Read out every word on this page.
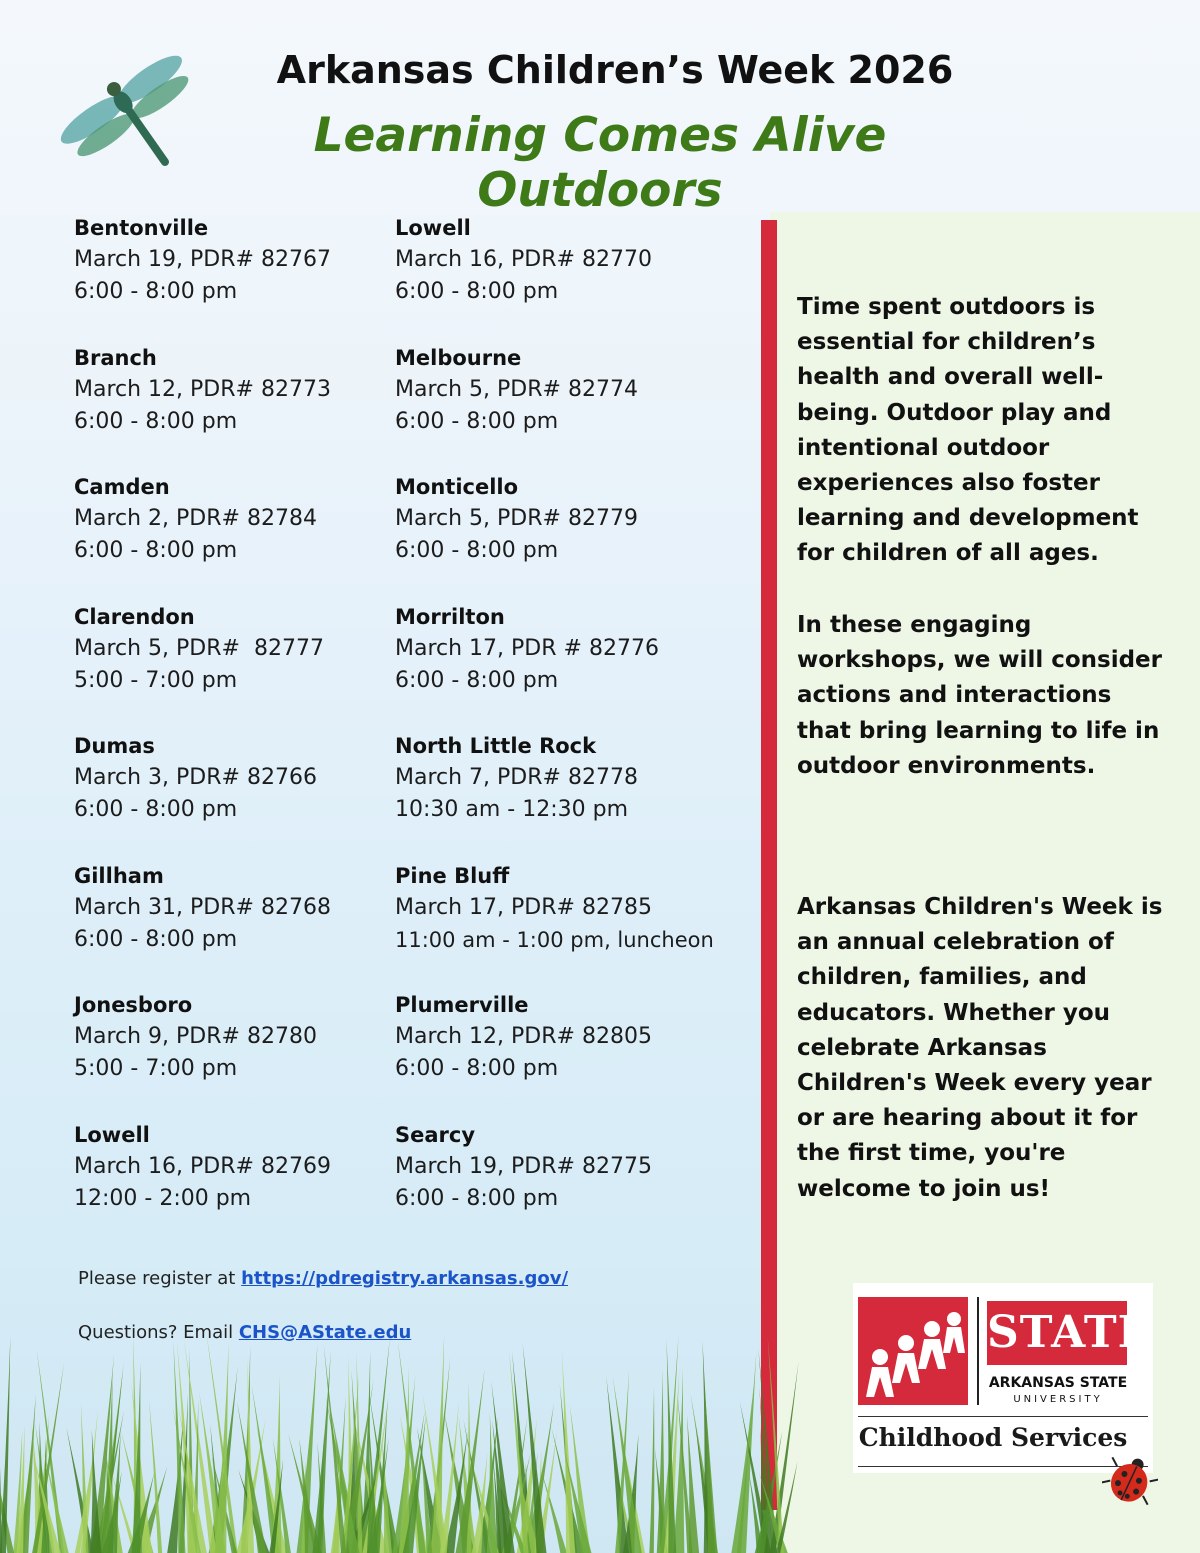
Arkansas Children’s Week 2026
Learning Comes Alive Outdoors
Bentonville
March 19, PDR# 82767
6:00 - 8:00 pm
Branch
March 12, PDR# 82773
6:00 - 8:00 pm
Camden
March 2, PDR# 82784
6:00 - 8:00 pm
Clarendon
March 5, PDR#  82777
5:00 - 7:00 pm
Dumas
March 3, PDR# 82766
6:00 - 8:00 pm
Gillham
March 31, PDR# 82768
6:00 - 8:00 pm
Jonesboro
March 9, PDR# 82780
5:00 - 7:00 pm
Lowell
March 16, PDR# 82769
12:00 - 2:00 pm
Lowell
March 16, PDR# 82770
6:00 - 8:00 pm
Melbourne
March 5, PDR# 82774
6:00 - 8:00 pm
Monticello
March 5, PDR# 82779
6:00 - 8:00 pm
Morrilton
March 17, PDR # 82776
6:00 - 8:00 pm
North Little Rock
March 7, PDR# 82778
10:30 am - 12:30 pm
Pine Bluff
March 17, PDR# 82785
11:00 am - 1:00 pm, luncheon
Plumerville
March 12, PDR# 82805
6:00 - 8:00 pm
Searcy
March 19, PDR# 82775
6:00 - 8:00 pm

Time spent outdoors is essential for children’s health and overall well-being. Outdoor play and intentional outdoor experiences also foster learning and development for children of all ages.

In these engaging workshops, we will consider actions and interactions that bring learning to life in outdoor environments.

Arkansas Children's Week is an annual celebration of children, families, and educators. Whether you celebrate Arkansas Children's Week every year or are hearing about it for the first time, you're welcome to join us!

Please register at https://pdregistry.arkansas.gov/
Questions? Email CHS@AState.edu	STATE
ARKANSAS STATE
UNIVERSITY
Childhood Services
